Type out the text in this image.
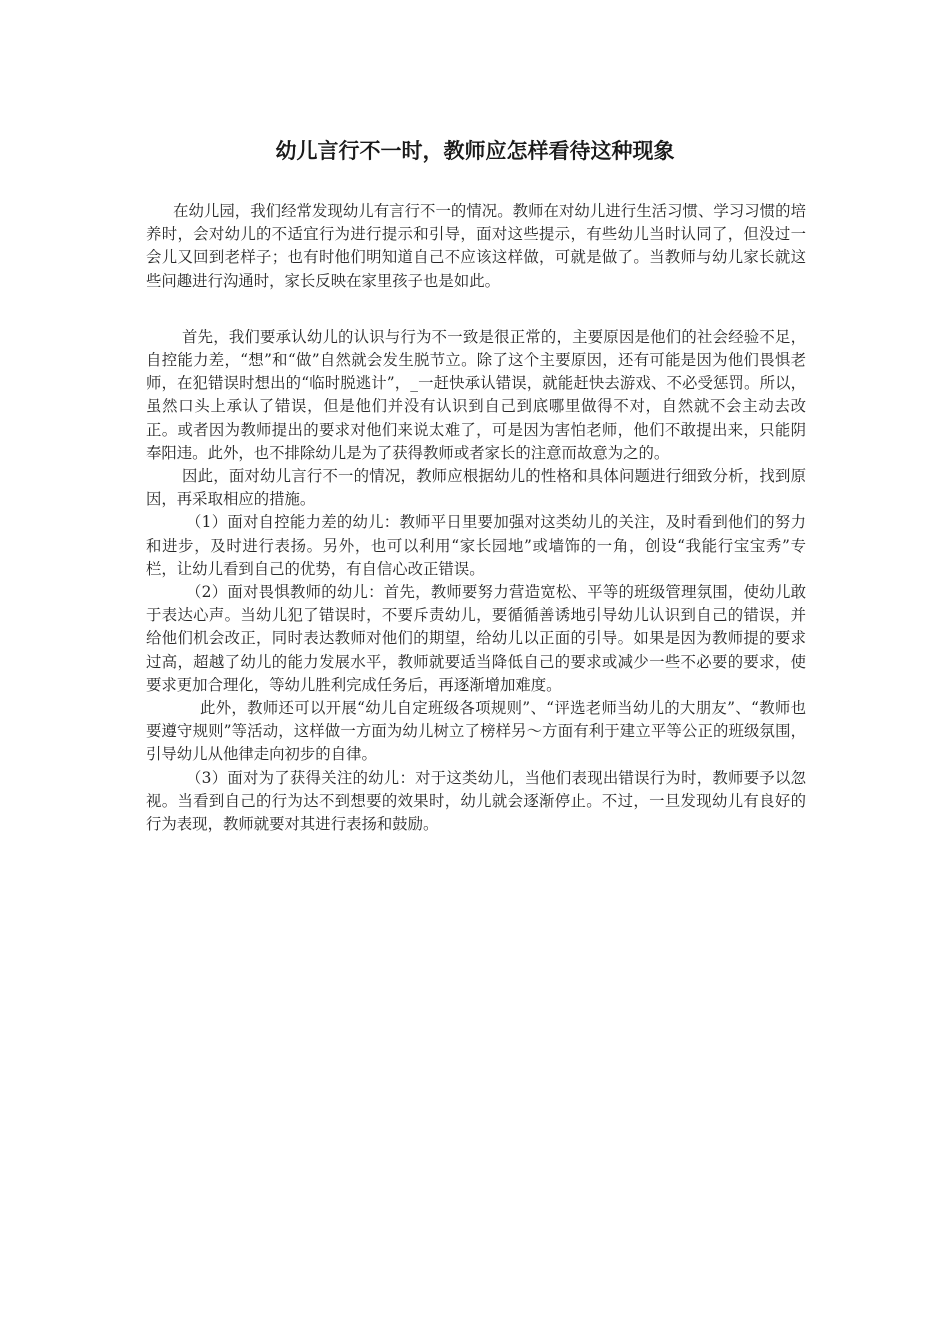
幼儿言行不一时，教师应怎样看待这种现象

在幼儿园，我们经常发现幼儿有言行不一的情况。教师在对幼儿进行生活习惯、学习习惯的培养时，会对幼儿的不适宜行为进行提示和引导，面对这些提示，有些幼儿当时认同了，但没过一会儿又回到老样子；也有时他们明知道自己不应该这样做，可就是做了。当教师与幼儿家长就这些问趣进行沟通时，家长反映在家里孩子也是如此。

首先，我们要承认幼儿的认识与行为不一致是很正常的，主要原因是他们的社会经验不足，自控能力差，“想”和“做”自然就会发生脱节立。除了这个主要原因，还有可能是因为他们畏惧老师，在犯错误时想出的“临时脱逃计”，_一赶快承认错误，就能赶快去游戏、不必受惩罚。所以，虽然口头上承认了错误，但是他们并没有认识到自己到底哪里做得不对，自然就不会主动去改正。或者因为教师提出的要求对他们来说太难了，可是因为害怕老师，他们不敢提出来，只能阴奉阳违。此外，也不排除幼儿是为了获得教师或者家长的注意而故意为之的。

因此，面对幼儿言行不一的情况，教师应根据幼儿的性格和具体问题进行细致分析，找到原因，再采取相应的措施。

（1）面对自控能力差的幼儿：教师平日里要加强对这类幼儿的关注，及时看到他们的努力和进步，及时进行表扬。另外，也可以利用“家长园地”或墙饰的一角，创设“我能行宝宝秀”专栏，让幼儿看到自己的优势，有自信心改正错误。

（2）面对畏惧教师的幼儿：首先，教师要努力营造宽松、平等的班级管理氛围，使幼儿敢于表达心声。当幼儿犯了错误时，不要斥责幼儿，要循循善诱地引导幼儿认识到自己的错误，并给他们机会改正，同时表达教师对他们的期望，给幼儿以正面的引导。如果是因为教师提的要求过高，超越了幼儿的能力发展水平，教师就要适当降低自己的要求或减少一些不必要的要求，使要求更加合理化，等幼儿胜利完成任务后，再逐渐增加难度。

此外，教师还可以开展“幼儿自定班级各项规则”、“评选老师当幼儿的大朋友”、“教师也要遵守规则”等活动，这样做一方面为幼儿树立了榜样另～方面有利于建立平等公正的班级氛围，引导幼儿从他律走向初步的自律。

（3）面对为了获得关注的幼儿：对于这类幼儿，当他们表现出错误行为时，教师要予以忽视。当看到自己的行为达不到想要的效果时，幼儿就会逐渐停止。不过，一旦发现幼儿有良好的行为表现，教师就要对其进行表扬和鼓励。
